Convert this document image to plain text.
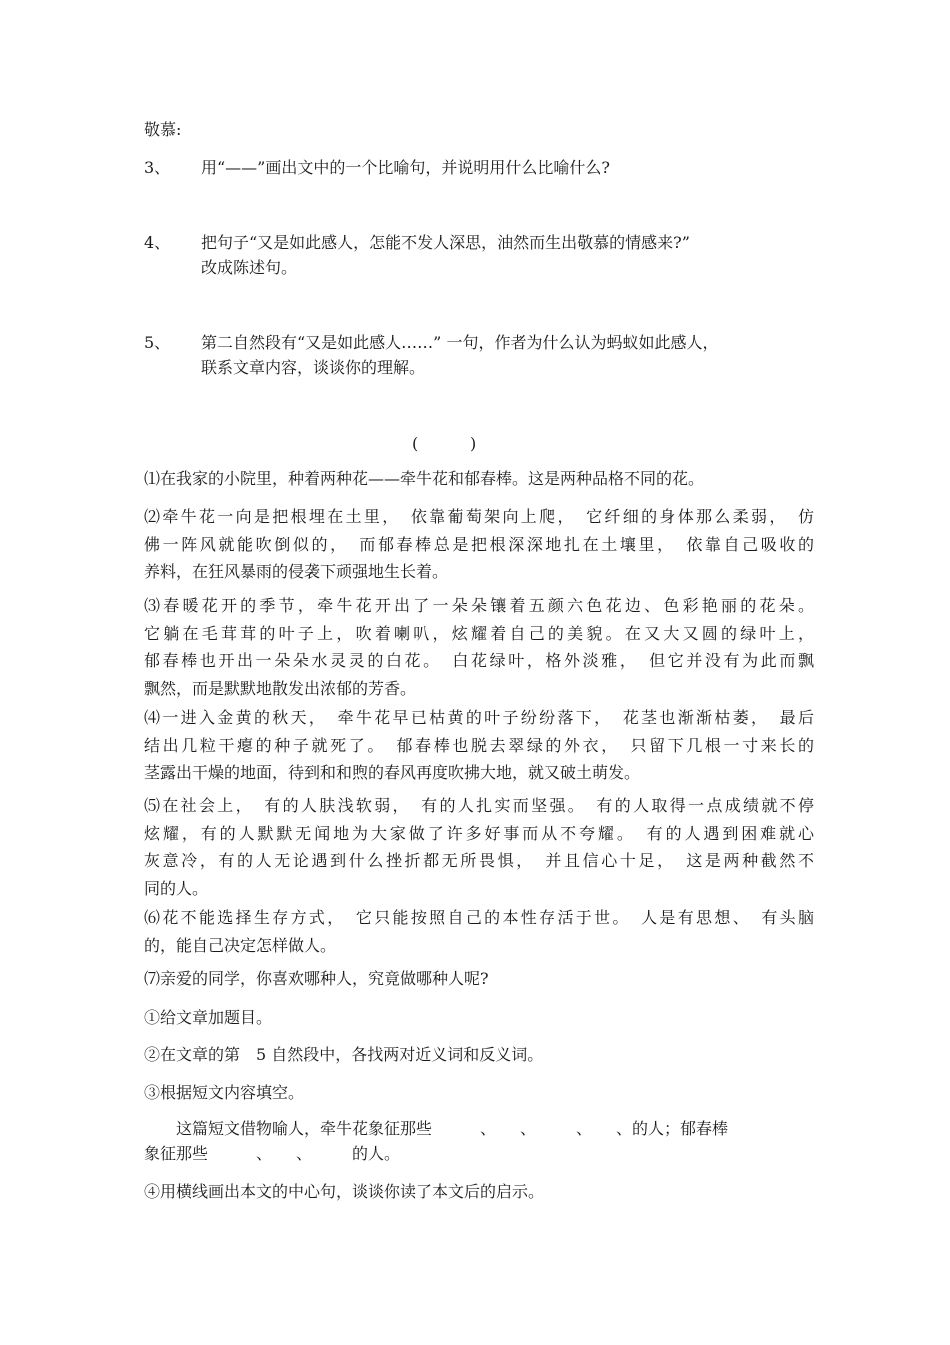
敬慕:
3、 用“——”画出文中的一个比喻句，并说明用什么比喻什么?
4、 把句子“又是如此感人，怎能不发人深思，油然而生出敬慕的情感来?”
改成陈述句。
5、 第二自然段有“又是如此感人……” 一句，作者为什么认为蚂蚁如此感人，
联系文章内容，谈谈你的理解。
(	)
⑴在我家的小院里，种着两种花——牵牛花和郁春棒。这是两种品格不同的花。
⑵牵牛花一向是把根埋在土里，　依靠葡萄架向上爬，　它纤细的身体那么柔弱，　仿
佛一阵风就能吹倒似的，　而郁春棒总是把根深深地扎在土壤里，　依靠自己吸收的
养料，在狂风暴雨的侵袭下顽强地生长着。
⑶春暖花开的季节，牵牛花开出了一朵朵镶着五颜六色花边、色彩艳丽的花朵。
它躺在毛茸茸的叶子上，吹着喇叭，炫耀着自己的美貌。在又大又圆的绿叶上，
郁春棒也开出一朵朵水灵灵的白花。　白花绿叶，格外淡雅，　但它并没有为此而飘
飘然，而是默默地散发出浓郁的芳香。
⑷一进入金黄的秋天，　牵牛花早已枯黄的叶子纷纷落下，　花茎也渐渐枯萎，　最后
结出几粒干瘪的种子就死了。　郁春棒也脱去翠绿的外衣，　只留下几根一寸来长的
茎露出干燥的地面，待到和和煦的春风再度吹拂大地，就又破土萌发。
⑸在社会上，　有的人肤浅软弱，　有的人扎实而坚强。　有的人取得一点成绩就不停
炫耀，有的人默默无闻地为大家做了许多好事而从不夸耀。　有的人遇到困难就心
灰意冷，有的人无论遇到什么挫折都无所畏惧，　并且信心十足，　这是两种截然不
同的人。
⑹花不能选择生存方式，　它只能按照自己的本性存活于世。　人是有思想、　有头脑
的，能自己决定怎样做人。
⑺亲爱的同学，你喜欢哪种人，究竟做哪种人呢?
①给文章加题目。
②在文章的第　5 自然段中，各找两对近义词和反义词。
③根据短文内容填空。
　　这篇短文借物喻人，牵牛花象征那些　　　、　　、　　　、　　、的人；郁春棒
象征那些　　　、　　、　　　的人。
④用横线画出本文的中心句，谈谈你读了本文后的启示。
